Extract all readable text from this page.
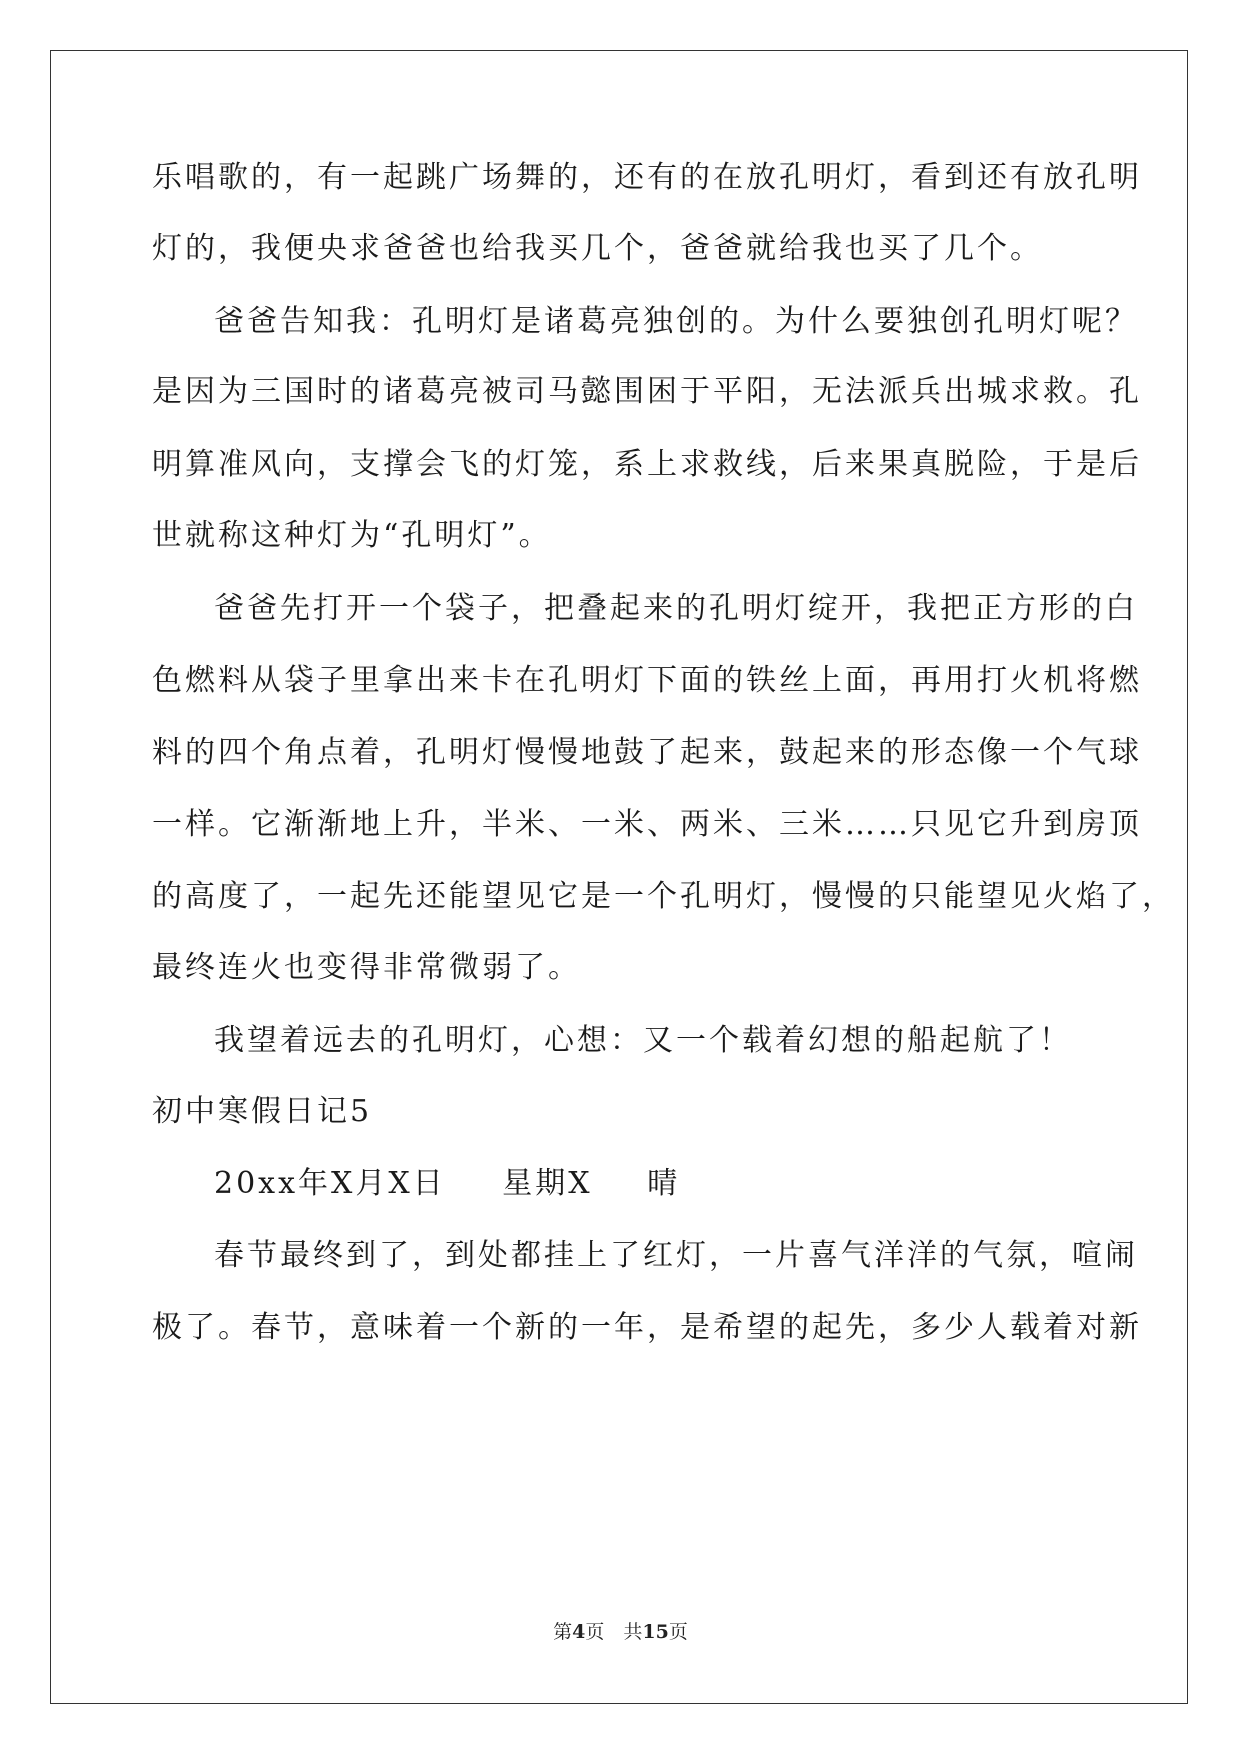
乐唱歌的，有一起跳广场舞的，还有的在放孔明灯，看到还有放孔明
灯的，我便央求爸爸也给我买几个，爸爸就给我也买了几个。
爸爸告知我：孔明灯是诸葛亮独创的。为什么要独创孔明灯呢？
是因为三国时的诸葛亮被司马懿围困于平阳，无法派兵出城求救。孔
明算准风向，支撑会飞的灯笼，系上求救线，后来果真脱险，于是后
世就称这种灯为“孔明灯”。
爸爸先打开一个袋子，把叠起来的孔明灯绽开，我把正方形的白
色燃料从袋子里拿出来卡在孔明灯下面的铁丝上面，再用打火机将燃
料的四个角点着，孔明灯慢慢地鼓了起来，鼓起来的形态像一个气球
一样。它渐渐地上升，半米、一米、两米、三米……只见它升到房顶
的高度了，一起先还能望见它是一个孔明灯，慢慢的只能望见火焰了，
最终连火也变得非常微弱了。
我望着远去的孔明灯，心想：又一个载着幻想的船起航了！
初中寒假日记5
20xx年X月X日 星期X 晴
春节最终到了，到处都挂上了红灯，一片喜气洋洋的气氛，喧闹
极了。春节，意味着一个新的一年，是希望的起先，多少人载着对新
第4页　共15页
